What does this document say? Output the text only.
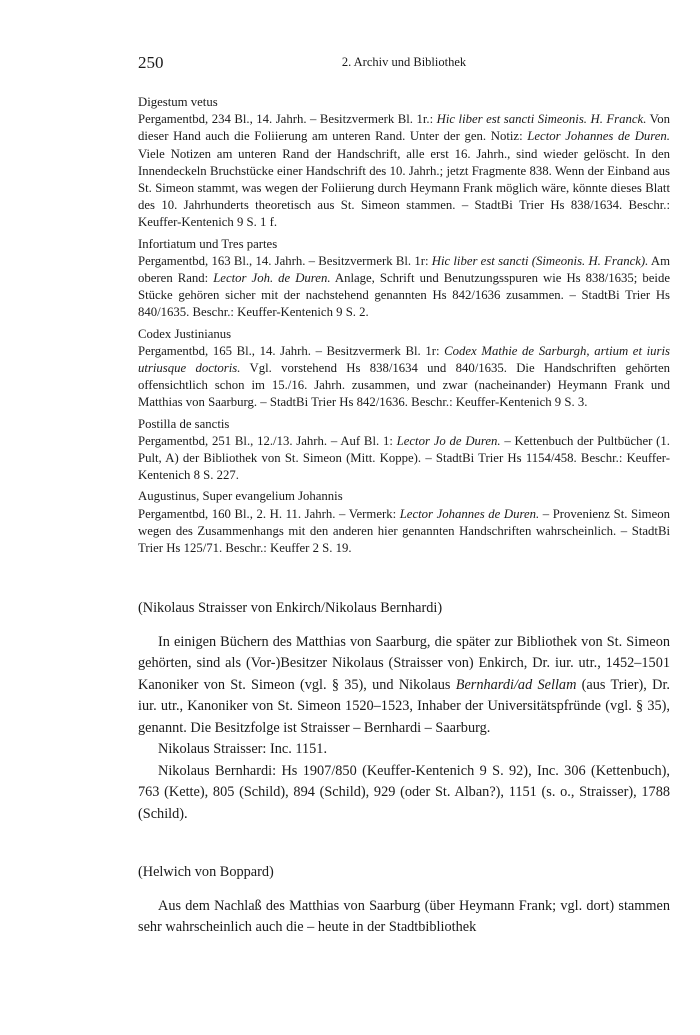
250	2. Archiv und Bibliothek
Digestum vetus

Pergamentbd, 234 Bl., 14. Jahrh. – Besitzvermerk Bl. 1r.: Hic liber est sancti Simeonis. H. Franck. Von dieser Hand auch die Foliierung am unteren Rand. Unter der gen. Notiz: Lector Johannes de Duren. Viele Notizen am unteren Rand der Handschrift, alle erst 16. Jahrh., sind wieder gelöscht. In den Innendeckeln Bruchstücke einer Handschrift des 10. Jahrh.; jetzt Fragmente 838. Wenn der Einband aus St. Simeon stammt, was wegen der Foliierung durch Heymann Frank möglich wäre, könnte dieses Blatt des 10. Jahrhunderts theoretisch aus St. Simeon stammen. – StadtBi Trier Hs 838/1634. Beschr.: Keuffer-Kentenich 9 S. 1 f.

Infortiatum und Tres partes

Pergamentbd, 163 Bl., 14. Jahrh. – Besitzvermerk Bl. 1r: Hic liber est sancti (Simeonis. H. Franck). Am oberen Rand: Lector Joh. de Duren. Anlage, Schrift und Benutzungsspuren wie Hs 838/1635; beide Stücke gehören sicher mit der nachstehend genannten Hs 842/1636 zusammen. – StadtBi Trier Hs 840/1635. Beschr.: Keuffer-Kentenich 9 S. 2.

Codex Justinianus

Pergamentbd, 165 Bl., 14. Jahrh. – Besitzvermerk Bl. 1r: Codex Mathie de Sarburgh, artium et iuris utriusque doctoris. Vgl. vorstehend Hs 838/1634 und 840/1635. Die Handschriften gehörten offensichtlich schon im 15./16. Jahrh. zusammen, und zwar (nacheinander) Heymann Frank und Matthias von Saarburg. – StadtBi Trier Hs 842/1636. Beschr.: Keuffer-Kentenich 9 S. 3.

Postilla de sanctis

Pergamentbd, 251 Bl., 12./13. Jahrh. – Auf Bl. 1: Lector Jo de Duren. – Kettenbuch der Pultbücher (1. Pult, A) der Bibliothek von St. Simeon (Mitt. Koppe). – StadtBi Trier Hs 1154/458. Beschr.: Keuffer-Kentenich 8 S. 227.

Augustinus, Super evangelium Johannis

Pergamentbd, 160 Bl., 2. H. 11. Jahrh. – Vermerk: Lector Johannes de Duren. – Provenienz St. Simeon wegen des Zusammenhangs mit den anderen hier genannten Handschriften wahrscheinlich. – StadtBi Trier Hs 125/71. Beschr.: Keuffer 2 S. 19.

(Nikolaus Straisser von Enkirch/Nikolaus Bernhardi)

In einigen Büchern des Matthias von Saarburg, die später zur Bibliothek von St. Simeon gehörten, sind als (Vor-)Besitzer Nikolaus (Straisser von) Enkirch, Dr. iur. utr., 1452–1501 Kanoniker von St. Simeon (vgl. § 35), und Nikolaus Bernhardi/ad Sellam (aus Trier), Dr. iur. utr., Kanoniker von St. Simeon 1520–1523, Inhaber der Universitätspfründe (vgl. § 35), genannt. Die Besitzfolge ist Straisser – Bernhardi – Saarburg.

Nikolaus Straisser: Inc. 1151.

Nikolaus Bernhardi: Hs 1907/850 (Keuffer-Kentenich 9 S. 92), Inc. 306 (Kettenbuch), 763 (Kette), 805 (Schild), 894 (Schild), 929 (oder St. Alban?), 1151 (s. o., Straisser), 1788 (Schild).

(Helwich von Boppard)

Aus dem Nachlaß des Matthias von Saarburg (über Heymann Frank; vgl. dort) stammen sehr wahrscheinlich auch die – heute in der Stadtbibliothek
